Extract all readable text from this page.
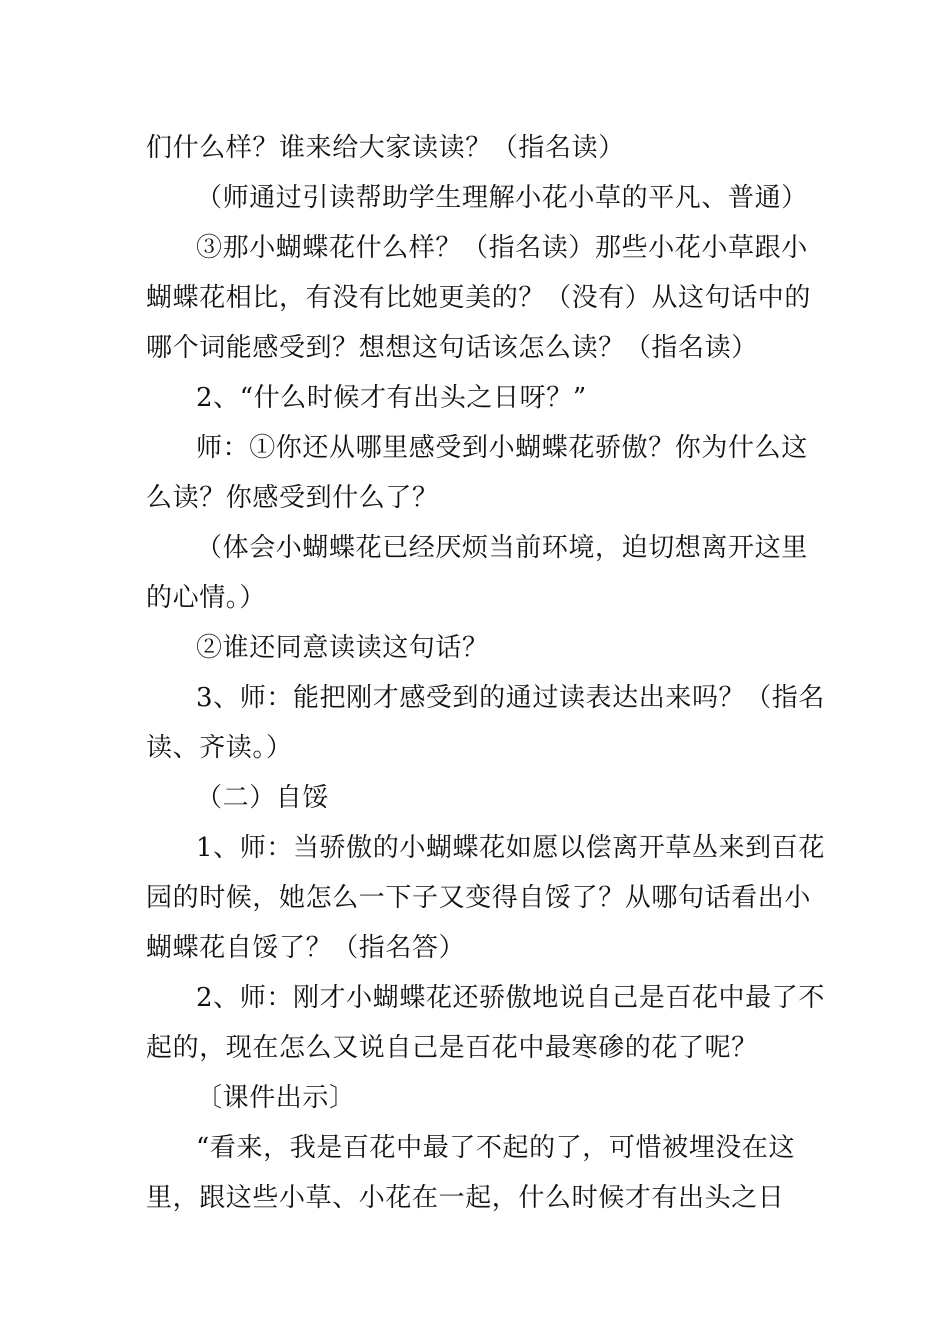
们什么样？谁来给大家读读？（指名读）
（师通过引读帮助学生理解小花小草的平凡、普通）
③那小蝴蝶花什么样？（指名读）那些小花小草跟小
蝴蝶花相比，有没有比她更美的？（没有）从这句话中的
哪个词能感受到？想想这句话该怎么读？（指名读）
2、“什么时候才有出头之日呀？”
师：①你还从哪里感受到小蝴蝶花骄傲？你为什么这
么读？你感受到什么了？
（体会小蝴蝶花已经厌烦当前环境，迫切想离开这里
的心情。）
②谁还同意读读这句话？
3、师：能把刚才感受到的通过读表达出来吗？（指名
读、齐读。）
（二）自馁
1、师：当骄傲的小蝴蝶花如愿以偿离开草丛来到百花
园的时候，她怎么一下子又变得自馁了？从哪句话看出小
蝴蝶花自馁了？（指名答）
2、师：刚才小蝴蝶花还骄傲地说自己是百花中最了不
起的，现在怎么又说自己是百花中最寒碜的花了呢？
〔课件出示〕
“看来，我是百花中最了不起的了，可惜被埋没在这
里，跟这些小草、小花在一起，什么时候才有出头之日
